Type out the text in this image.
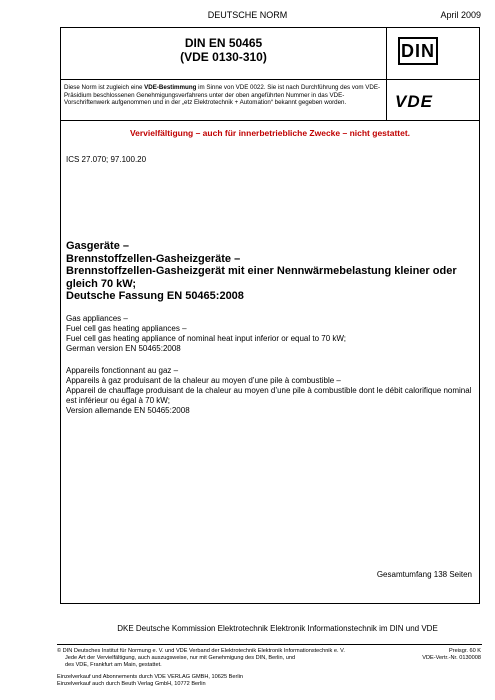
DEUTSCHE NORM	April 2009
DIN EN 50465
(VDE 0130-310)	DIN
VDE
Diese Norm ist zugleich eine VDE-Bestimmung im Sinne von VDE 0022. Sie ist nach Durchführung des vom VDE-Präsidium beschlossenen Genehmigungsverfahrens unter der oben angeführten Nummer in das VDE-Vorschriftenwerk aufgenommen und in der „etz Elektrotechnik + Automation“ bekannt gegeben worden.
Vervielfältigung – auch für innerbetriebliche Zwecke – nicht gestattet.
ICS 27.070; 97.100.20
Gasgeräte –
Brennstoffzellen-Gasheizgeräte –
Brennstoffzellen-Gasheizgerät mit einer Nennwärmebelastung kleiner oder gleich 70 kW;
Deutsche Fassung EN 50465:2008
Gas appliances –
Fuel cell gas heating appliances –
Fuel cell gas heating appliance of nominal heat input inferior or equal to 70 kW;
German version EN 50465:2008
Appareils fonctionnant au gaz –
Appareils à gaz produisant de la chaleur au moyen d’une pile à combustible –
Appareil de chauffage produisant de la chaleur au moyen d’une pile à combustible dont le débit calorifique nominal est inférieur ou égal à 70 kW;
Version allemande EN 50465:2008
Gesamtumfang 138 Seiten
DKE Deutsche Kommission Elektrotechnik Elektronik Informationstechnik im DIN und VDE
© DIN Deutsches Institut für Normung e. V. und VDE Verband der Elektrotechnik Elektronik Informationstechnik e. V.
Jede Art der Vervielfältigung, auch auszugsweise, nur mit Genehmigung des DIN, Berlin, und
des VDE, Frankfurt am Main, gestattet.
Preisgr. 60 K
VDE-Vertr.-Nr. 0130008
Einzelverkauf und Abonnements durch VDE VERLAG GMBH, 10625 Berlin
Einzelverkauf auch durch Beuth Verlag GmbH, 10772 Berlin
